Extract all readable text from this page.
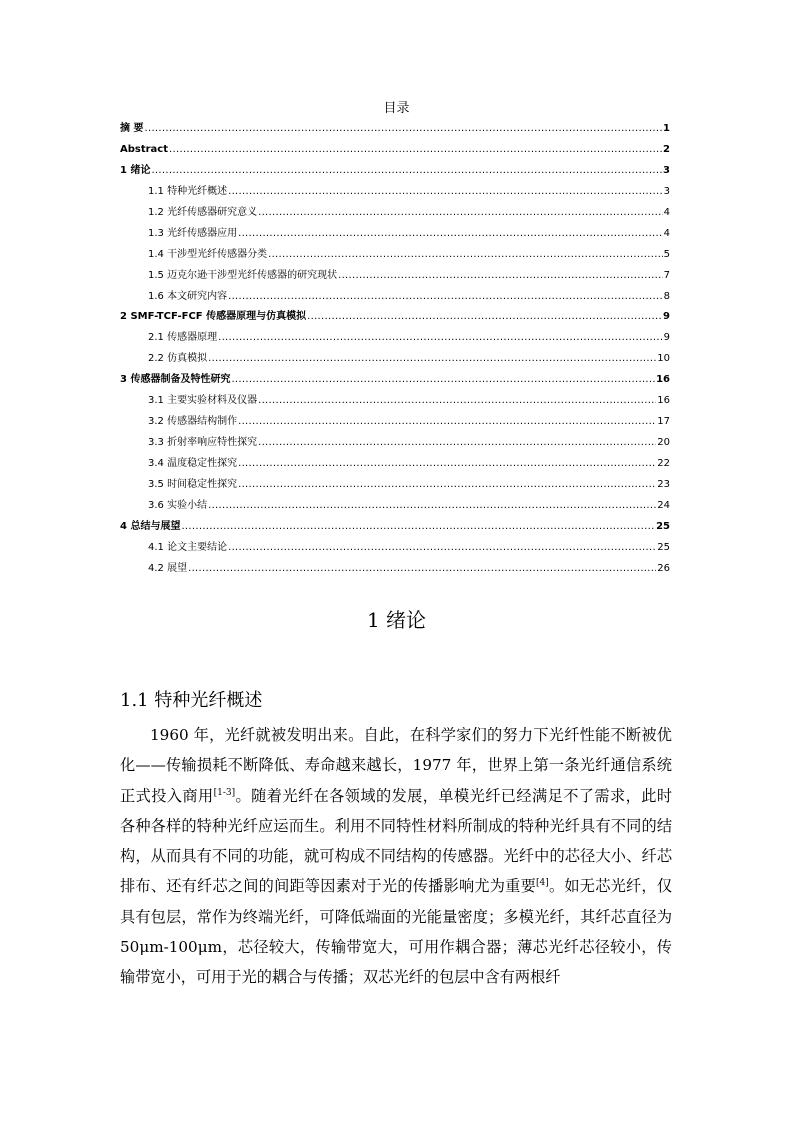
目录
摘 要 .....	1
Abstract .....	2
1 绪论 .....	3
1.1 特种光纤概述 .....	3
1.2 光纤传感器研究意义 .....	4
1.3 光纤传感器应用 .....	4
1.4 干涉型光纤传感器分类 .....	5
1.5 迈克尔逊干涉型光纤传感器的研究现状 .....	7
1.6 本文研究内容 .....	8
2 SMF-TCF-FCF 传感器原理与仿真模拟 .....	9
2.1 传感器原理 .....	9
2.2 仿真模拟 .....	10
3 传感器制备及特性研究 .....	16
3.1 主要实验材料及仪器 .....	16
3.2 传感器结构制作 .....	17
3.3 折射率响应特性探究 .....	20
3.4 温度稳定性探究 .....	22
3.5 时间稳定性探究 .....	23
3.6 实验小结 .....	24
4 总结与展望 .....	25
4.1 论文主要结论 .....	25
4.2 展望 .....	26
1 绪论
1.1 特种光纤概述
1960 年，光纤就被发明出来。自此，在科学家们的努力下光纤性能不断被优化——传输损耗不断降低、寿命越来越长，1977 年，世界上第一条光纤通信系统正式投入商用[1-3]。随着光纤在各领域的发展，单模光纤已经满足不了需求，此时各种各样的特种光纤应运而生。利用不同特性材料所制成的特种光纤具有不同的结构，从而具有不同的功能，就可构成不同结构的传感器。光纤中的芯径大小、纤芯排布、还有纤芯之间的间距等因素对于光的传播影响尤为重要[4]。如无芯光纤，仅具有包层，常作为终端光纤，可降低端面的光能量密度；多模光纤，其纤芯直径为 50μm-100μm，芯径较大，传输带宽大，可用作耦合器；薄芯光纤芯径较小，传输带宽小，可用于光的耦合与传播；双芯光纤的包层中含有两根纤
